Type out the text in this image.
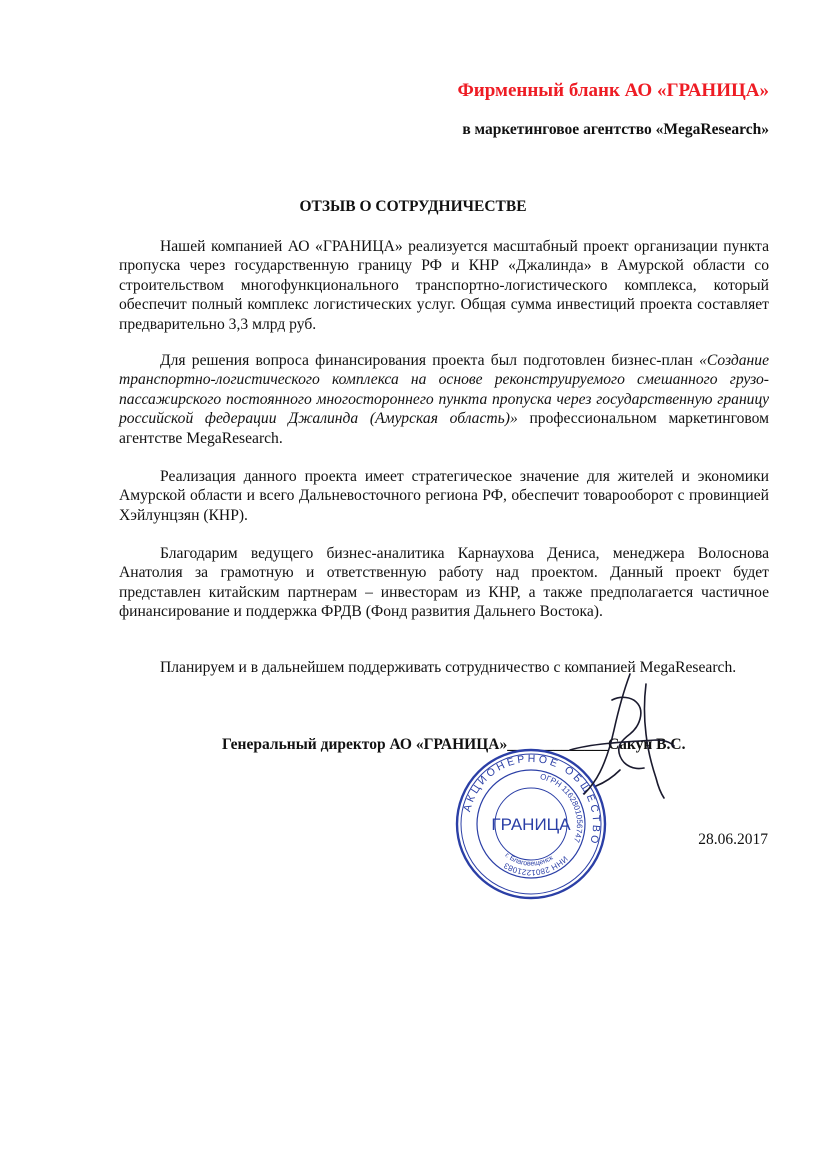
Фирменный бланк АО «ГРАНИЦА»
в маркетинговое агентство «MegaResearch»
ОТЗЫВ О СОТРУДНИЧЕСТВЕ
Нашей компанией АО «ГРАНИЦА» реализуется масштабный проект организации пункта пропуска через государственную границу РФ и КНР «Джалинда» в Амурской области со строительством многофункционального транспортно-логистического комплекса, который обеспечит полный комплекс логистических услуг. Общая сумма инвестиций проекта составляет предварительно 3,3 млрд руб.
Для решения вопроса финансирования проекта был подготовлен бизнес-план «Создание транспортно-логистического комплекса на основе реконструируемого смешанного грузо-пассажирского постоянного многостороннего пункта пропуска через государственную границу российской федерации Джалинда (Амурская область)» профессиональном маркетинговом агентстве MegaResearch.
Реализация данного проекта имеет стратегическое значение для жителей и экономики Амурской области и всего Дальневосточного региона РФ, обеспечит товарооборот с провинцией Хэйлунцзян (КНР).
Благодарим ведущего бизнес-аналитика Карнаухова Дениса, менеджера Волоснова Анатолия за грамотную и ответственную работу над проектом. Данный проект будет представлен китайским партнерам – инвесторам из КНР, а также предполагается частичное финансирование и поддержка ФРДВ (Фонд развития Дальнего Востока).
Планируем и в дальнейшем поддерживать сотрудничество с компанией MegaResearch.
Генеральный директор АО «ГРАНИЦА»_____________Сакун В.С.
28.06.2017
АКЦИОНЕРНОЕ ОБЩЕСТВО
ОГРН 1162801056747
ИНН 2801221083
ГРАНИЦА
г. Благовещенск
